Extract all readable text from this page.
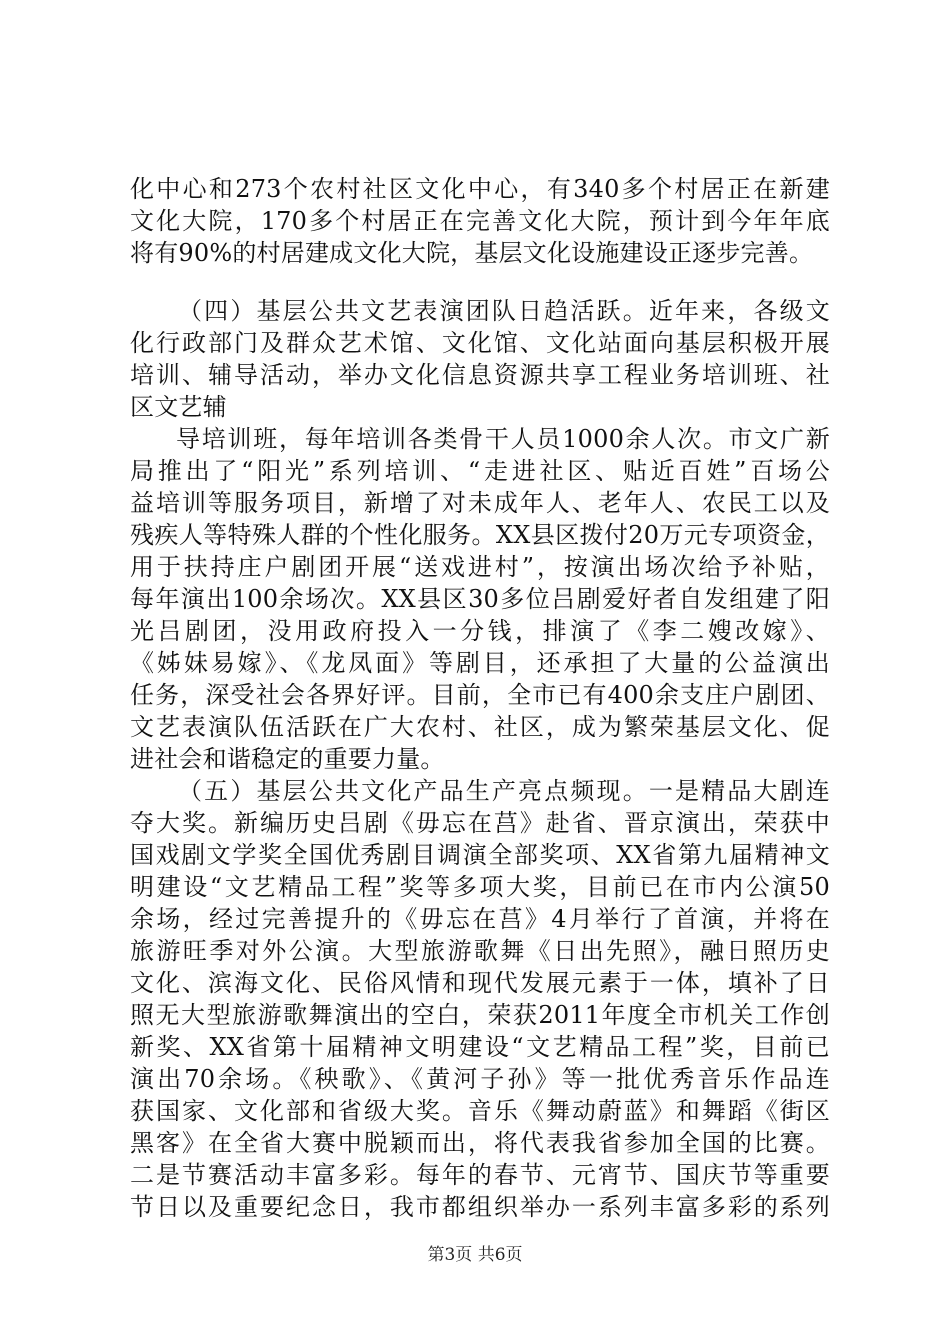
化中心和273个农村社区文化中心，有340多个村居正在新建
文化大院，170多个村居正在完善文化大院，预计到今年年底
将有90%的村居建成文化大院，基层文化设施建设正逐步完善。
（四）基层公共文艺表演团队日趋活跃。近年来，各级文
化行政部门及群众艺术馆、文化馆、文化站面向基层积极开展
培训、辅导活动，举办文化信息资源共享工程业务培训班、社
区文艺辅
导培训班，每年培训各类骨干人员1000余人次。市文广新
局推出了“阳光”系列培训、“走进社区、贴近百姓”百场公
益培训等服务项目，新增了对未成年人、老年人、农民工以及
残疾人等特殊人群的个性化服务。XX县区拨付20万元专项资金，
用于扶持庄户剧团开展“送戏进村”，按演出场次给予补贴，
每年演出100余场次。XX县区30多位吕剧爱好者自发组建了阳
光吕剧团，没用政府投入一分钱，排演了《李二嫂改嫁》、
《姊妹易嫁》、《龙凤面》等剧目，还承担了大量的公益演出
任务，深受社会各界好评。目前，全市已有400余支庄户剧团、
文艺表演队伍活跃在广大农村、社区，成为繁荣基层文化、促
进社会和谐稳定的重要力量。
（五）基层公共文化产品生产亮点频现。一是精品大剧连
夺大奖。新编历史吕剧《毋忘在莒》赴省、晋京演出，荣获中
国戏剧文学奖全国优秀剧目调演全部奖项、XX省第九届精神文
明建设“文艺精品工程”奖等多项大奖，目前已在市内公演50
余场，经过完善提升的《毋忘在莒》4月举行了首演，并将在
旅游旺季对外公演。大型旅游歌舞《日出先照》，融日照历史
文化、滨海文化、民俗风情和现代发展元素于一体，填补了日
照无大型旅游歌舞演出的空白，荣获2011年度全市机关工作创
新奖、XX省第十届精神文明建设“文艺精品工程”奖，目前已
演出70余场。《秧歌》、《黄河子孙》等一批优秀音乐作品连
获国家、文化部和省级大奖。音乐《舞动蔚蓝》和舞蹈《街区
黑客》在全省大赛中脱颖而出，将代表我省参加全国的比赛。
二是节赛活动丰富多彩。每年的春节、元宵节、国庆节等重要
节日以及重要纪念日，我市都组织举办一系列丰富多彩的系列
第3页 共6页
